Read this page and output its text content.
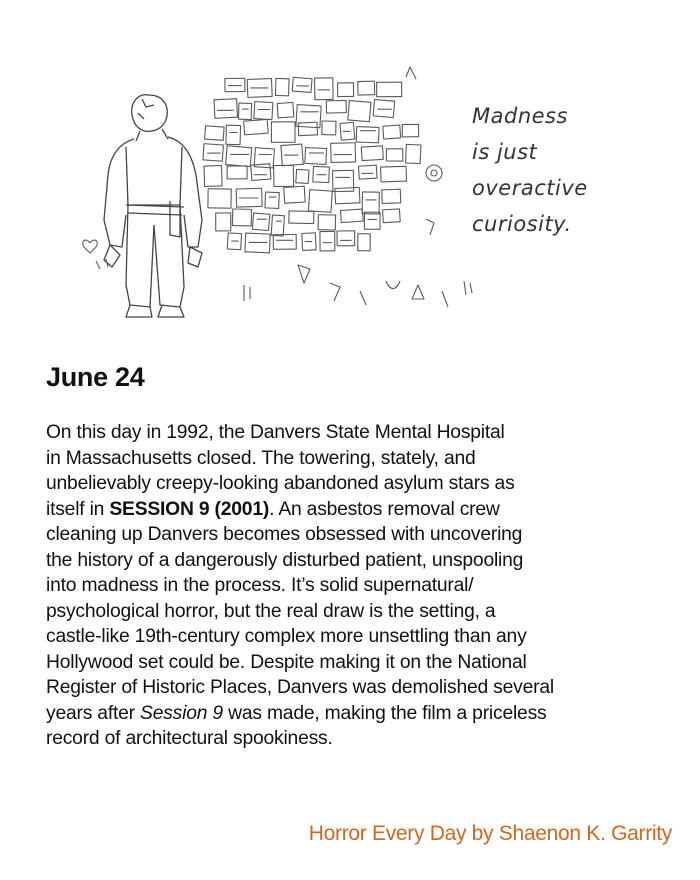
Madness
is just
overactive
curiosity.
June 24
On this day in 1992, the Danvers State Mental Hospital
in Massachusetts closed. The towering, stately, and
unbelievably creepy-looking abandoned asylum stars as
itself in SESSION 9 (2001). An asbestos removal crew
cleaning up Danvers becomes obsessed with uncovering
the history of a dangerously disturbed patient, unspooling
into madness in the process. It’s solid supernatural/
psychological horror, but the real draw is the setting, a
castle-like 19th-century complex more unsettling than any
Hollywood set could be. Despite making it on the National
Register of Historic Places, Danvers was demolished several
years after Session 9 was made, making the film a priceless
record of architectural spookiness.
Horror Every Day by Shaenon K. Garrity
